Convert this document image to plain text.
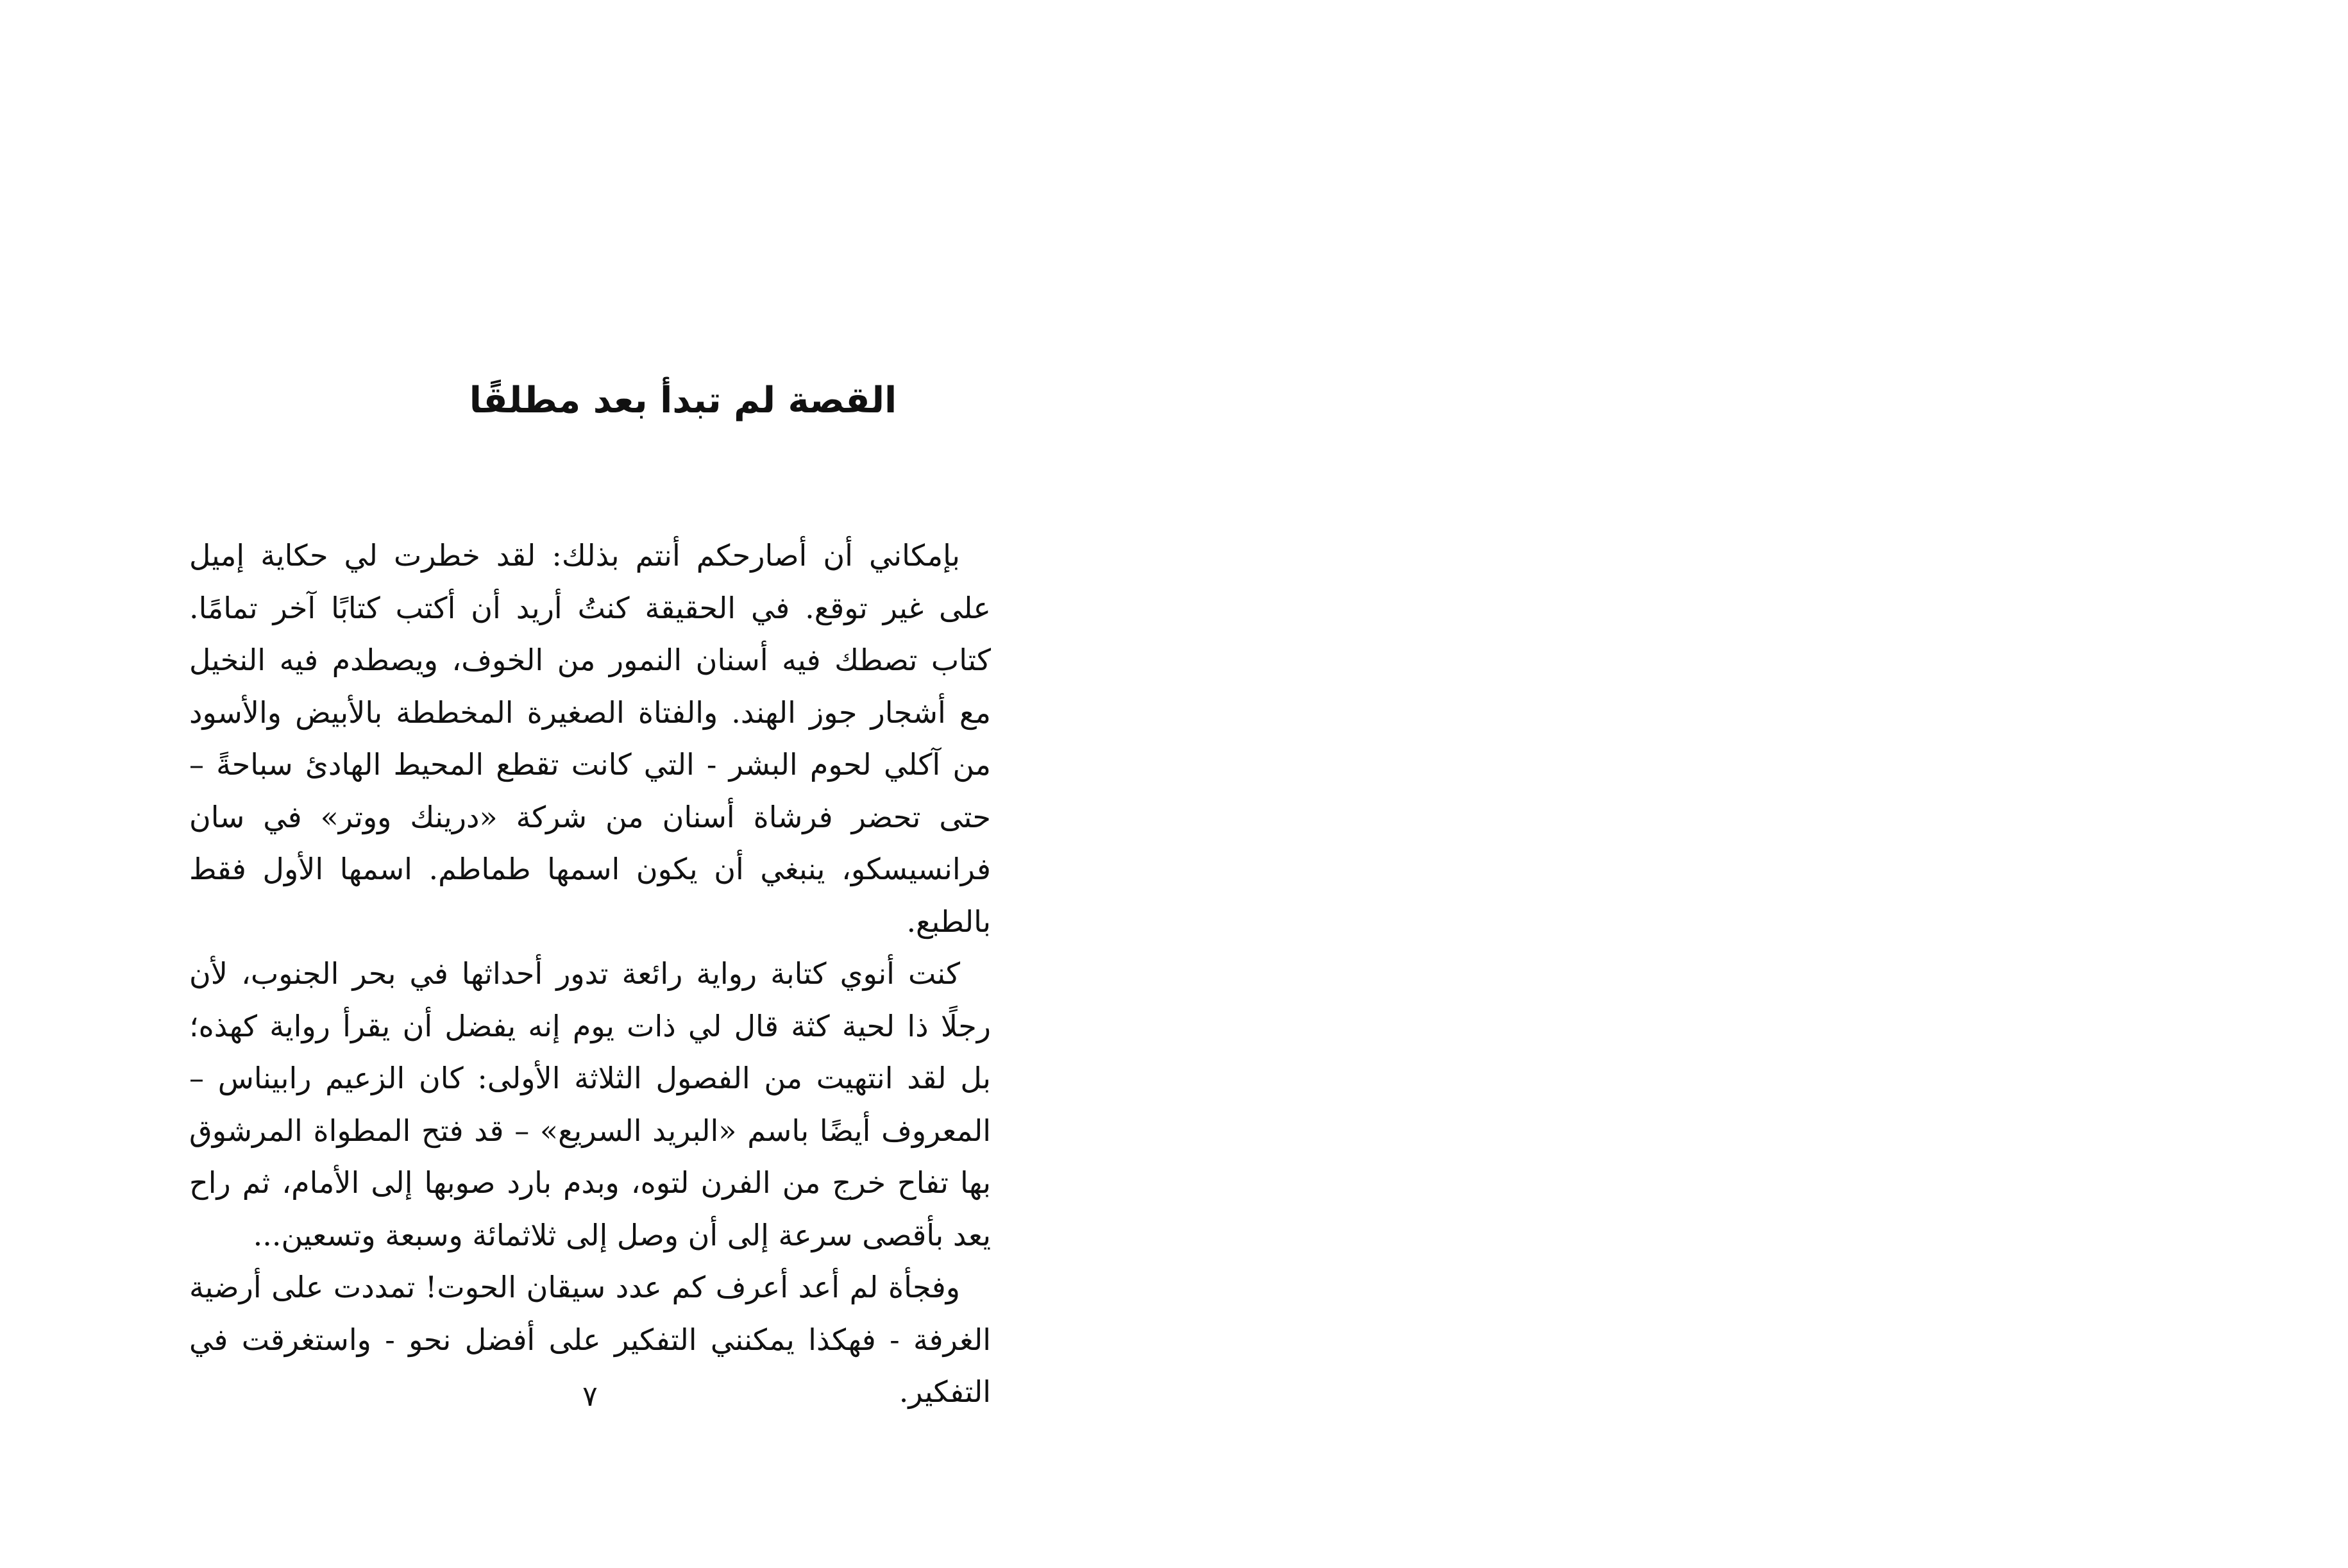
القصة لم تبدأ بعد مطلقًا

بإمكاني أن أصارحكم أنتم بذلك: لقد خطرت لي حكاية إميل على غير توقع. في الحقيقة كنتُ أريد أن أكتب كتابًا آخر تمامًا. كتاب تصطك فيه أسنان النمور من الخوف، ويصطدم فيه النخيل مع أشجار جوز الهند. والفتاة الصغيرة المخططة بالأبيض والأسود من آكلي لحوم البشر - التي كانت تقطع المحيط الهادئ سباحةً – حتى تحضر فرشاة أسنان من شركة «درينك ووتر» في سان فرانسيسكو، ينبغي أن يكون اسمها طماطم. اسمها الأول فقط بالطبع.

كنت أنوي كتابة رواية رائعة تدور أحداثها في بحر الجنوب، لأن رجلًا ذا لحية كثة قال لي ذات يوم إنه يفضل أن يقرأ رواية كهذه؛ بل لقد انتهيت من الفصول الثلاثة الأولى: كان الزعيم رابيناس – المعروف أيضًا باسم «البريد السريع» – قد فتح المطواة المرشوق بها تفاح خرج من الفرن لتوه، وبدم بارد صوبها إلى الأمام، ثم راح يعد بأقصى سرعة إلى أن وصل إلى ثلاثمائة وسبعة وتسعين...

وفجأة لم أعد أعرف كم عدد سيقان الحوت! تمددت على أرضية الغرفة - فهكذا يمكنني التفكير على أفضل نحو - واستغرقت في التفكير.

٧
